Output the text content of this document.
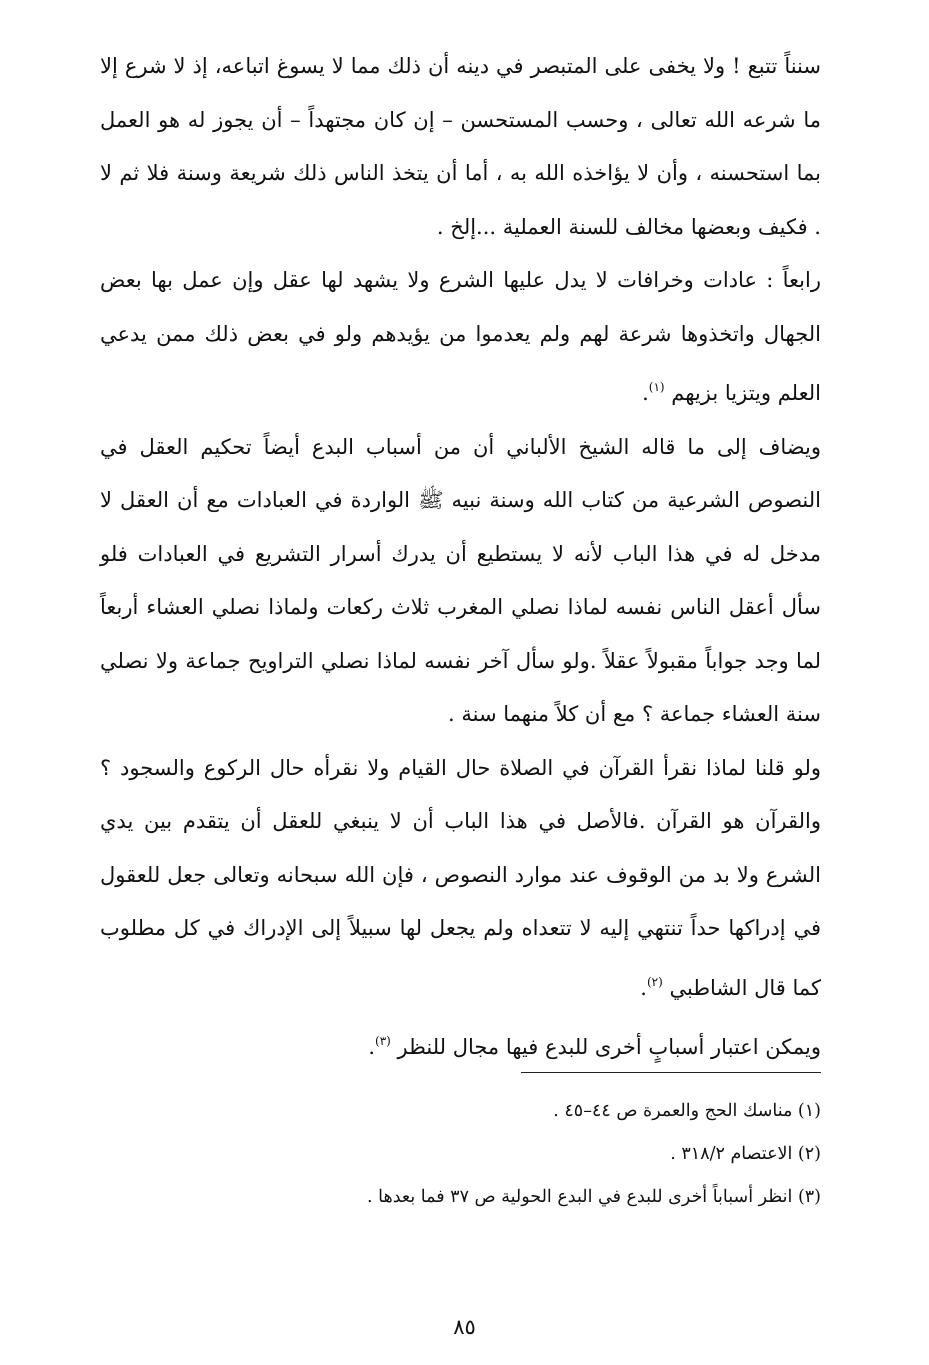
سنناً تتبع ! ولا يخفى على المتبصر في دينه أن ذلك مما لا يسوغ اتباعه، إذ لا شرع إلا ما شرعه الله تعالى ، وحسب المستحسن – إن كان مجتهداً – أن يجوز له هو العمل بما استحسنه ، وأن لا يؤاخذه الله به ، أما أن يتخذ الناس ذلك شريعة وسنة فلا ثم لا . فكيف وبعضها مخالف للسنة العملية ...إلخ .

رابعاً : عادات وخرافات لا يدل عليها الشرع ولا يشهد لها عقل وإن عمل بها بعض الجهال واتخذوها شرعة لهم ولم يعدموا من يؤيدهم ولو في بعض ذلك ممن يدعي العلم ويتزيا بزيهم $^{(١)}$.

ويضاف إلى ما قاله الشيخ الألباني أن من أسباب البدع أيضاً تحكيم العقل في النصوص الشرعية من كتاب الله وسنة نبيه ﷺ الواردة في العبادات مع أن العقل لا مدخل له في هذا الباب لأنه لا يستطيع أن يدرك أسرار التشريع في العبادات فلو سأل أعقل الناس نفسه لماذا نصلي المغرب ثلاث ركعات ولماذا نصلي العشاء أربعاً لما وجد جواباً مقبولاً عقلاً .ولو سأل آخر نفسه لماذا نصلي التراويح جماعة ولا نصلي سنة العشاء جماعة ؟ مع أن كلاً منهما سنة .

ولو قلنا لماذا نقرأ القرآن في الصلاة حال القيام ولا نقرأه حال الركوع والسجود ؟ والقرآن هو القرآن .فالأصل في هذا الباب أن لا ينبغي للعقل أن يتقدم بين يدي الشرع ولا بد من الوقوف عند موارد النصوص ، فإن الله سبحانه وتعالى جعل للعقول في إدراكها حداً تنتهي إليه لا تتعداه ولم يجعل لها سبيلاً إلى الإدراك في كل مطلوب كما قال الشاطبي $^{(٢)}$.

ويمكن اعتبار أسبابٍ أخرى للبدع فيها مجال للنظر $^{(٣)}$.

(١) مناسك الحج والعمرة ص ٤٤–٤٥ .
(٢) الاعتصام ٣١٨/٢ .
(٣) انظر أسباباً أخرى للبدع في البدع الحولية ص ٣٧ فما بعدها .
٨٥
